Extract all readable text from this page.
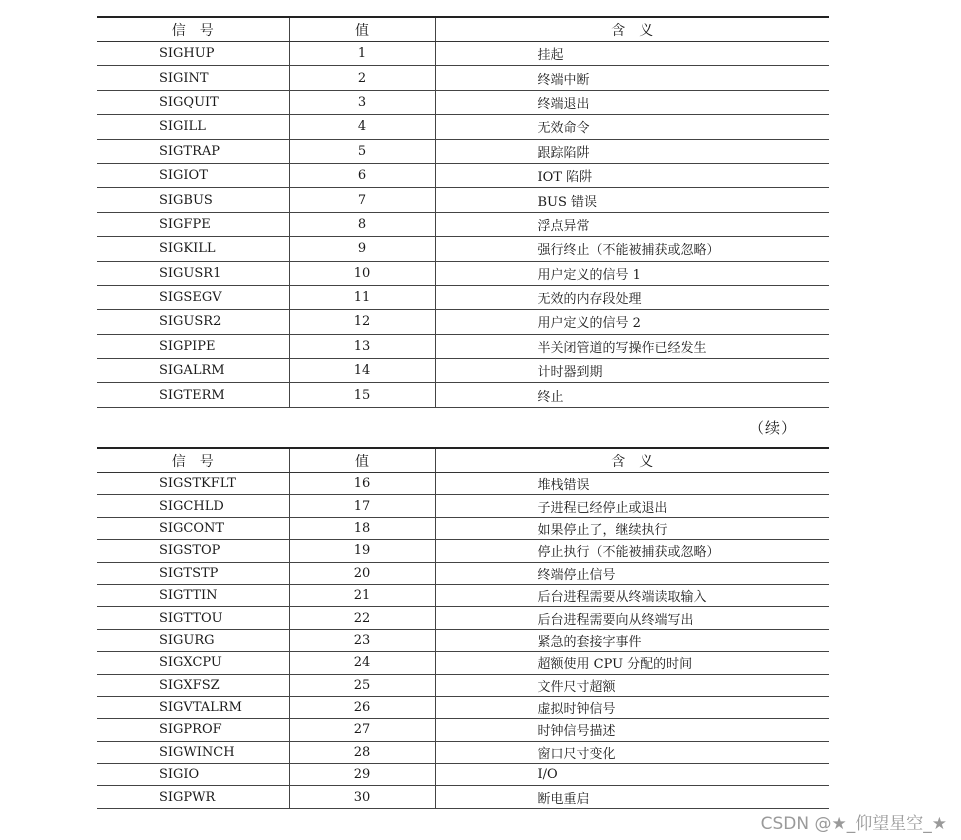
信　号	值	含　义
SIGHUP	1	挂起
SIGINT	2	终端中断
SIGQUIT	3	终端退出
SIGILL	4	无效命令
SIGTRAP	5	跟踪陷阱
SIGIOT	6	IOT 陷阱
SIGBUS	7	BUS 错误
SIGFPE	8	浮点异常
SIGKILL	9	强行终止（不能被捕获或忽略）
SIGUSR1	10	用户定义的信号 1
SIGSEGV	11	无效的内存段处理
SIGUSR2	12	用户定义的信号 2
SIGPIPE	13	半关闭管道的写操作已经发生
SIGALRM	14	计时器到期
SIGTERM	15	终止
（续）
信　号	值	含　义
SIGSTKFLT	16	堆栈错误
SIGCHLD	17	子进程已经停止或退出
SIGCONT	18	如果停止了，继续执行
SIGSTOP	19	停止执行（不能被捕获或忽略）
SIGTSTP	20	终端停止信号
SIGTTIN	21	后台进程需要从终端读取输入
SIGTTOU	22	后台进程需要向从终端写出
SIGURG	23	紧急的套接字事件
SIGXCPU	24	超额使用 CPU 分配的时间
SIGXFSZ	25	文件尺寸超额
SIGVTALRM	26	虚拟时钟信号
SIGPROF	27	时钟信号描述
SIGWINCH	28	窗口尺寸变化
SIGIO	29	I/O
SIGPWR	30	断电重启
CSDN @★_仰望星空_★
